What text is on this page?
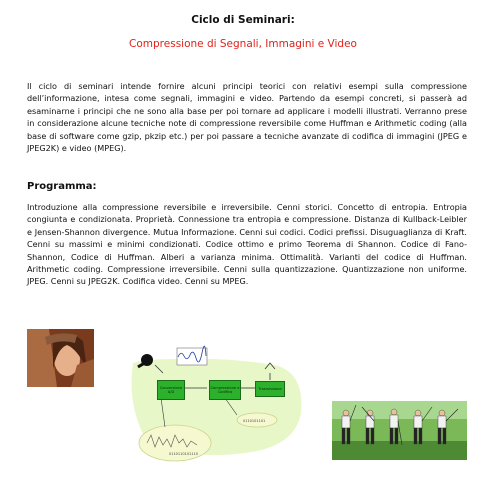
Ciclo di Seminari:
Compressione di Segnali, Immagini e Video
Il ciclo di seminari intende fornire alcuni principi teorici con relativi esempi sulla compressione dell’informazione, intesa come segnali, immagini e video. Partendo da esempi concreti, si passerà ad esaminarne i principi che ne sono alla base per poi tornare ad applicare i modelli illustrati. Verranno prese in considerazione alcune tecniche note di compressione reversibile come Huffman e Arithmetic coding (alla base di software come gzip, pkzip etc.) per poi passare a tecniche avanzate di codifica di immagini (JPEG e JPEG2K) e video (MPEG).
Programma:
Introduzione alla compressione reversibile e irreversibile. Cenni storici. Concetto di entropia. Entropia congiunta e condizionata. Proprietà. Connessione tra entropia e compressione. Distanza di Kullback-Leibler e Jensen-Shannon divergence. Mutua Informazione. Cenni sui codici. Codici prefissi. Disuguaglianza di Kraft. Cenni su massimi e minimi condizionati. Codice ottimo e primo Teorema di Shannon. Codice di Fano- Shannon, Codice di Huffman. Alberi a varianza minima. Ottimalità. Varianti del codice di Huffman. Arithmetic coding. Compressione irreversibile. Cenni sulla quantizzazione. Quantizzazione non uniforme. JPEG. Cenni su JPEG2K. Codifica video. Cenni su MPEG.
0110110101110
0110101101
Conversione A/D
Compressione e Codifica
Trasmissione
